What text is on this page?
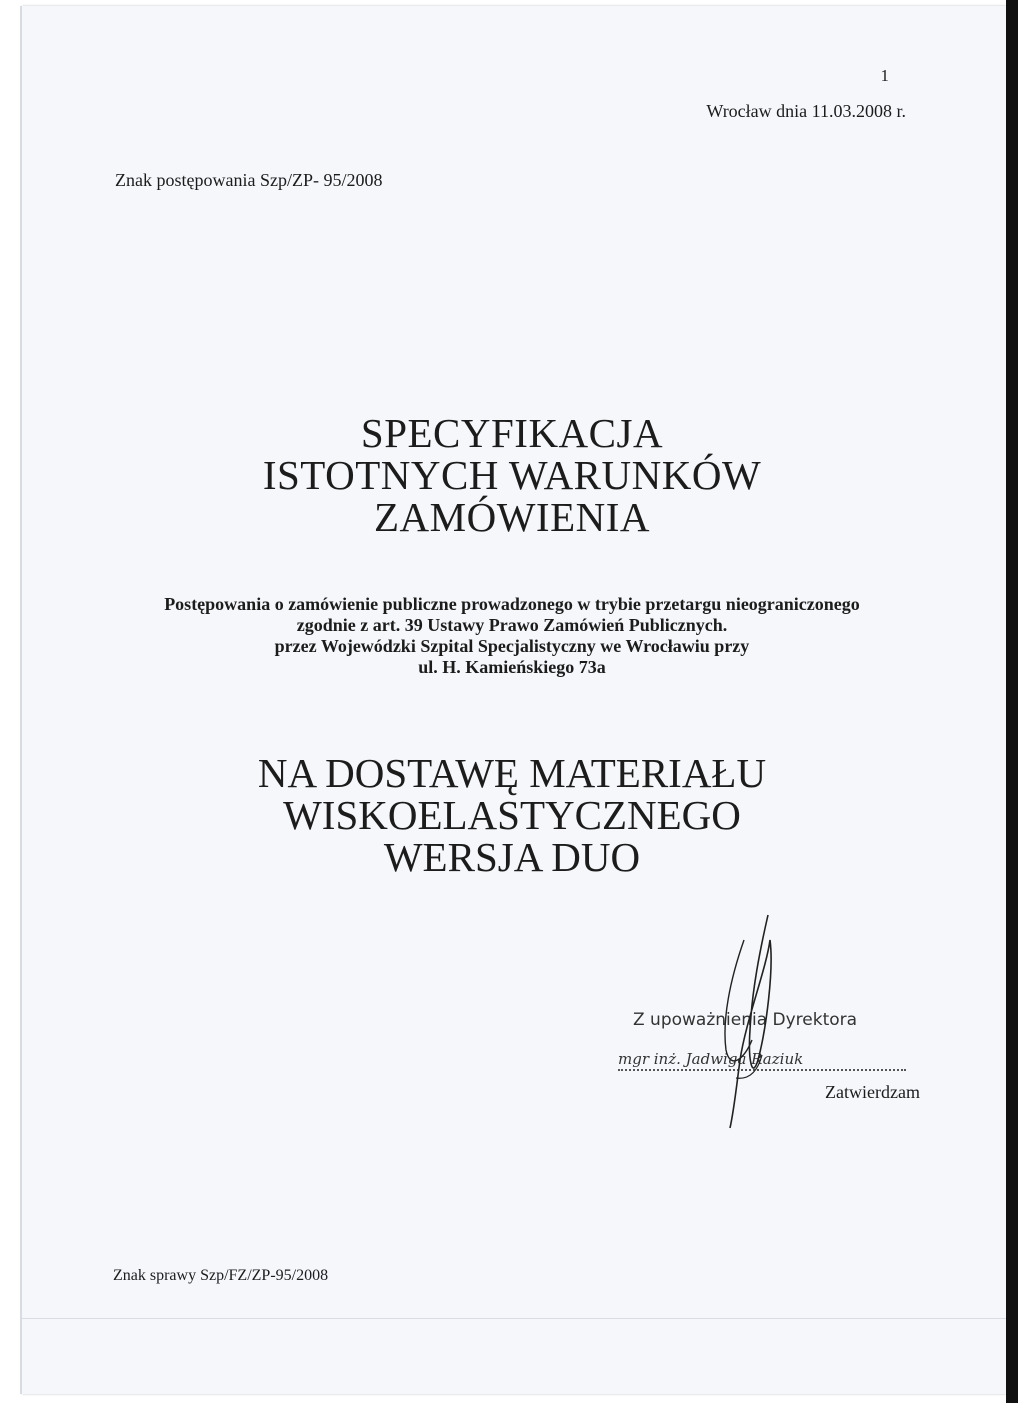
1
Wrocław dnia 11.03.2008 r.
Znak postępowania Szp/ZP- 95/2008
SPECYFIKACJA
ISTOTNYCH WARUNKÓW
ZAMÓWIENIA
Postępowania o zamówienie publiczne prowadzonego w trybie przetargu nieograniczonego
zgodnie z art. 39 Ustawy Prawo Zamówień Publicznych.
przez Wojewódzki Szpital Specjalistyczny we Wrocławiu przy
ul. H. Kamieńskiego 73a
NA DOSTAWĘ MATERIAŁU
WISKOELASTYCZNEGO
WERSJA DUO
Z upoważnienia Dyrektora
mgr inż. Jadwiga Raziuk
Zatwierdzam
Znak sprawy Szp/FZ/ZP-95/2008
